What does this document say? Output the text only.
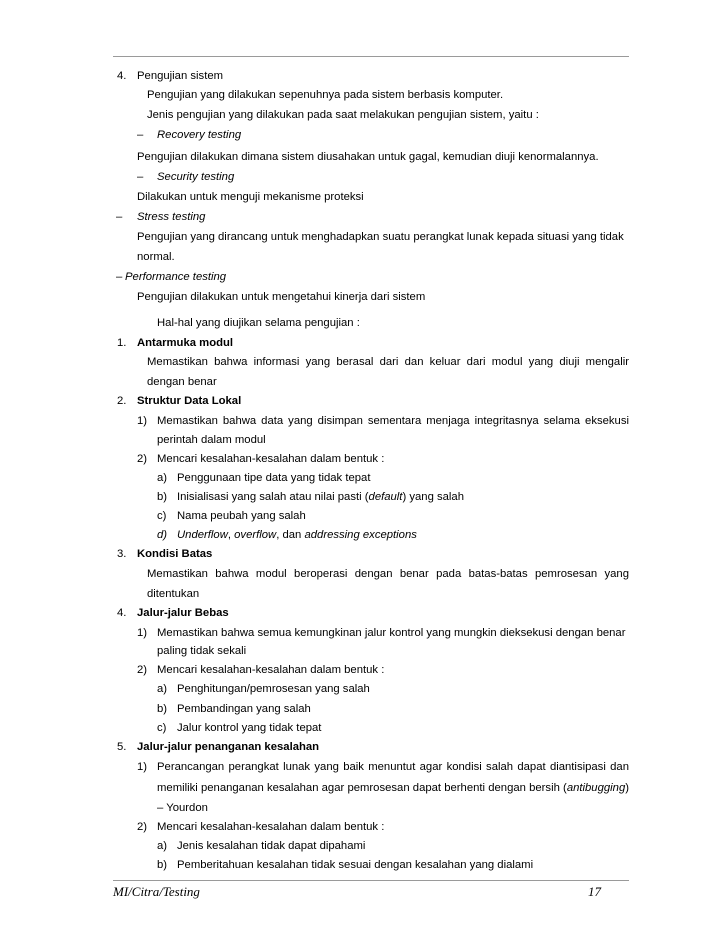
4. Pengujian sistem
Pengujian yang dilakukan sepenuhnya pada sistem berbasis komputer.
Jenis pengujian yang dilakukan pada saat melakukan pengujian sistem, yaitu :
– Recovery testing
Pengujian dilakukan dimana sistem diusahakan untuk gagal, kemudian diuji kenormalannya.
– Security testing
Dilakukan untuk menguji mekanisme proteksi
– Stress testing
Pengujian yang dirancang untuk menghadapkan suatu perangkat lunak kepada situasi yang tidak
normal.
– Performance testing
Pengujian dilakukan untuk mengetahui kinerja dari sistem
Hal-hal yang diujikan selama pengujian :
1. Antarmuka modul
Memastikan bahwa informasi yang berasal dari dan keluar dari modul yang diuji mengalir
dengan benar
2. Struktur Data Lokal
1) Memastikan bahwa data yang disimpan sementara menjaga integritasnya selama eksekusi
perintah dalam modul
2) Mencari kesalahan-kesalahan dalam bentuk :
a) Penggunaan tipe data yang tidak tepat
b) Inisialisasi yang salah atau nilai pasti (default) yang salah
c) Nama peubah yang salah
d) Underflow, overflow, dan addressing exceptions
3. Kondisi Batas
Memastikan bahwa modul beroperasi dengan benar pada batas-batas pemrosesan yang
ditentukan
4. Jalur-jalur Bebas
1) Memastikan bahwa semua kemungkinan jalur kontrol yang mungkin dieksekusi dengan benar
paling tidak sekali
2) Mencari kesalahan-kesalahan dalam bentuk :
a) Penghitungan/pemrosesan yang salah
b) Pembandingan yang salah
c) Jalur kontrol yang tidak tepat
5. Jalur-jalur penanganan kesalahan
1) Perancangan perangkat lunak yang baik menuntut agar kondisi salah dapat diantisipasi dan
memiliki penanganan kesalahan agar pemrosesan dapat berhenti dengan bersih (antibugging)
– Yourdon
2) Mencari kesalahan-kesalahan dalam bentuk :
a) Jenis kesalahan tidak dapat dipahami
b) Pemberitahuan kesalahan tidak sesuai dengan kesalahan yang dialami
MI/Citra/Testing	17
